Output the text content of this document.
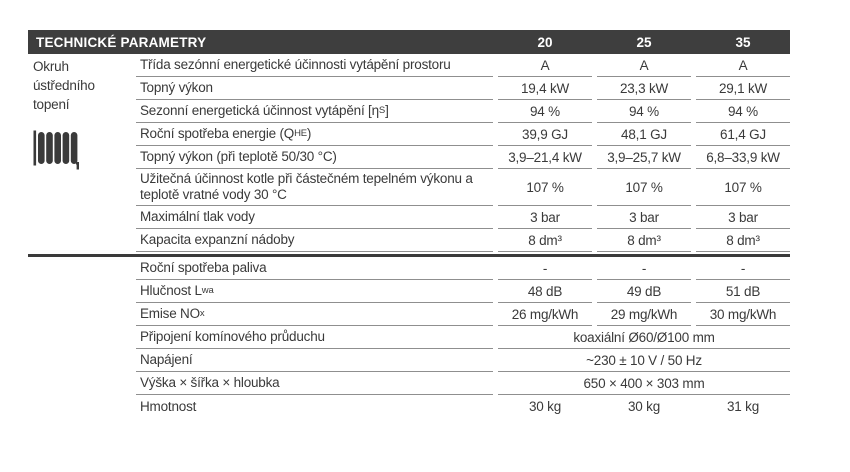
TECHNICKÉ PARAMETRY	20	25	35
Okruh ústředního topení
Třída sezónní energetické účinnosti vytápění prostoru	A	A	A
Topný výkon	19,4 kW	23,3 kW	29,1 kW
Sezonní energetická účinnost vytápění [η S ]	94 %	94 %	94 %
Roční spotřeba energie (Q HE )	39,9 GJ	48,1 GJ	61,4 GJ
Topný výkon (při teplotě 50/30 °C)	3,9–21,4 kW	3,9–25,7 kW	6,8–33,9 kW
Užitečná účinnost kotle při částečném tepelném výkonu a teplotě vratné vody 30 °C	107 %	107 %	107 %
Maximální tlak vody	3 bar	3 bar	3 bar
Kapacita expanzní nádoby	8 dm³	8 dm³	8 dm³
Roční spotřeba paliva	-	-	-
Hlučnost L wa	48 dB	49 dB	51 dB
Emise NO x	26 mg/kWh	29 mg/kWh	30 mg/kWh
Připojení komínového průduchu	koaxiální Ø60/Ø100 mm
Napájení	~230 ± 10 V / 50 Hz
Výška × šířka × hloubka	650 × 400 × 303 mm
Hmotnost	30 kg	30 kg	31 kg
